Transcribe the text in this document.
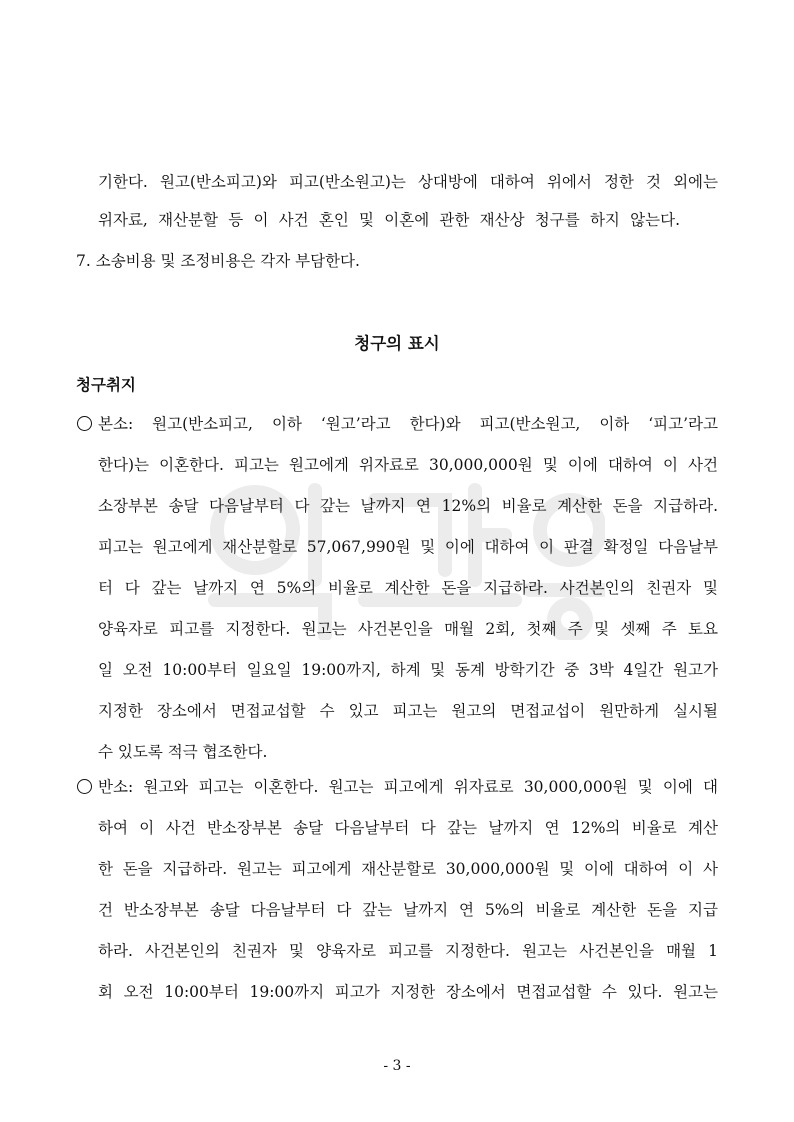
기한다. 원고(반소피고)와 피고(반소원고)는 상대방에 대하여 위에서 정한 것 외에는
위자료, 재산분할 등 이 사건 혼인 및 이혼에 관한 재산상 청구를 하지 않는다.
7. 소송비용 및 조정비용은 각자 부담한다.
청구의 표시
청구취지
본소: 원고(반소피고, 이하 ‘원고’라고 한다)와 피고(반소원고, 이하 ‘피고’라고
한다)는 이혼한다. 피고는 원고에게 위자료로 30,000,000원 및 이에 대하여 이 사건
소장부본 송달 다음날부터 다 갚는 날까지 연 12%의 비율로 계산한 돈을 지급하라.
피고는 원고에게 재산분할로 57,067,990원 및 이에 대하여 이 판결 확정일 다음날부
터 다 갚는 날까지 연 5%의 비율로 계산한 돈을 지급하라. 사건본인의 친권자 및
양육자로 피고를 지정한다. 원고는 사건본인을 매월 2회, 첫째 주 및 셋째 주 토요
일 오전 10:00부터 일요일 19:00까지, 하계 및 동계 방학기간 중 3박 4일간 원고가
지정한 장소에서 면접교섭할 수 있고 피고는 원고의 면접교섭이 원만하게 실시될
수 있도록 적극 협조한다.
반소: 원고와 피고는 이혼한다. 원고는 피고에게 위자료로 30,000,000원 및 이에 대
하여 이 사건 반소장부본 송달 다음날부터 다 갚는 날까지 연 12%의 비율로 계산
한 돈을 지급하라. 원고는 피고에게 재산분할로 30,000,000원 및 이에 대하여 이 사
건 반소장부본 송달 다음날부터 다 갚는 날까지 연 5%의 비율로 계산한 돈을 지급
하라. 사건본인의 친권자 및 양육자로 피고를 지정한다. 원고는 사건본인을 매월 1
회 오전 10:00부터 19:00까지 피고가 지정한 장소에서 면접교섭할 수 있다. 원고는
- 3 -
